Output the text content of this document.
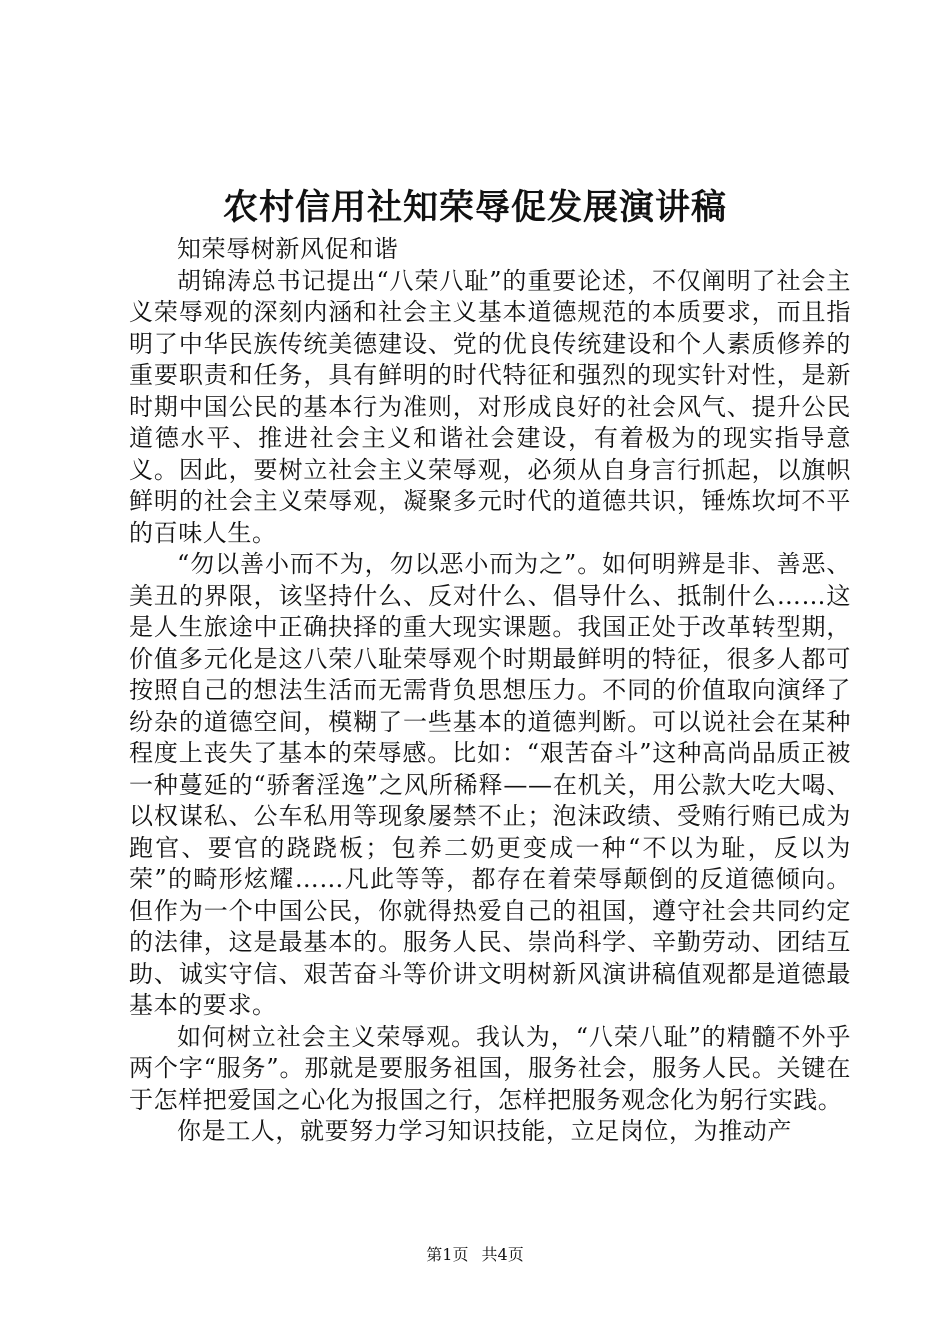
农村信用社知荣辱促发展演讲稿

知荣辱树新风促和谐

胡锦涛总书记提出“八荣八耻”的重要论述，不仅阐明了社会主义荣辱观的深刻内涵和社会主义基本道德规范的本质要求，而且指明了中华民族传统美德建设、党的优良传统建设和个人素质修养的重要职责和任务，具有鲜明的时代特征和强烈的现实针对性，是新时期中国公民的基本行为准则，对形成良好的社会风气、提升公民道德水平、推进社会主义和谐社会建设，有着极为的现实指导意义。因此，要树立社会主义荣辱观，必须从自身言行抓起，以旗帜鲜明的社会主义荣辱观，凝聚多元时代的道德共识，锤炼坎坷不平的百味人生。

“勿以善小而不为，勿以恶小而为之”。如何明辨是非、善恶、美丑的界限，该坚持什么、反对什么、倡导什么、抵制什么……这是人生旅途中正确抉择的重大现实课题。我国正处于改革转型期，价值多元化是这八荣八耻荣辱观个时期最鲜明的特征，很多人都可按照自己的想法生活而无需背负思想压力。不同的价值取向演绎了纷杂的道德空间，模糊了一些基本的道德判断。可以说社会在某种程度上丧失了基本的荣辱感。比如：“艰苦奋斗”这种高尚品质正被一种蔓延的“骄奢淫逸”之风所稀释——在机关，用公款大吃大喝、以权谋私、公车私用等现象屡禁不止；泡沫政绩、受贿行贿已成为跑官、要官的跷跷板；包养二奶更变成一种“不以为耻，反以为荣”的畸形炫耀……凡此等等，都存在着荣辱颠倒的反道德倾向。但作为一个中国公民，你就得热爱自己的祖国，遵守社会共同约定的法律，这是最基本的。服务人民、崇尚科学、辛勤劳动、团结互助、诚实守信、艰苦奋斗等价讲文明树新风演讲稿值观都是道德最基本的要求。

如何树立社会主义荣辱观。我认为，“八荣八耻”的精髓不外乎两个字“服务”。那就是要服务祖国，服务社会，服务人民。关键在于怎样把爱国之心化为报国之行，怎样把服务观念化为躬行实践。

你是工人，就要努力学习知识技能，立足岗位，为推动产

第1页 共4页
